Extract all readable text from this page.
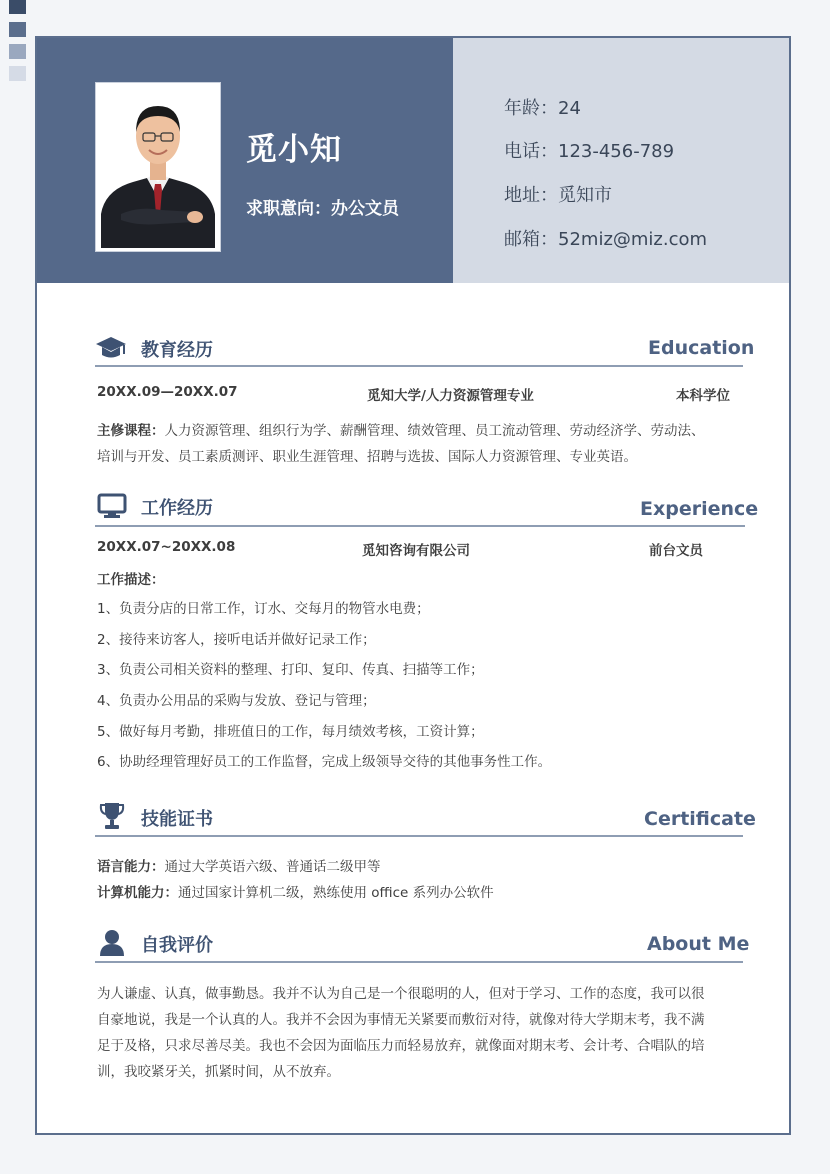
觅小知
求职意向：办公文员
年龄：24
电话：123-456-789
地址：觅知市
邮箱：52miz@miz.com
教育经历	Education
20XX.09—20XX.07	觅知大学/人力资源管理专业	本科学位
主修课程：人力资源管理、组织行为学、薪酬管理、绩效管理、员工流动管理、劳动经济学、劳动法、
培训与开发、员工素质测评、职业生涯管理、招聘与选拔、国际人力资源管理、专业英语。
工作经历	Experience
20XX.07~20XX.08	觅知咨询有限公司	前台文员
工作描述：
1、负责分店的日常工作，订水、交每月的物管水电费；
2、接待来访客人，接听电话并做好记录工作；
3、负责公司相关资料的整理、打印、复印、传真、扫描等工作；
4、负责办公用品的采购与发放、登记与管理；
5、做好每月考勤，排班值日的工作，每月绩效考核，工资计算；
6、协助经理管理好员工的工作监督，完成上级领导交待的其他事务性工作。
技能证书	Certificate
语言能力：通过大学英语六级、普通话二级甲等
计算机能力：通过国家计算机二级，熟练使用 office 系列办公软件
自我评价	About Me
为人谦虚、认真，做事勤恳。我并不认为自己是一个很聪明的人，但对于学习、工作的态度，我可以很
自豪地说，我是一个认真的人。我并不会因为事情无关紧要而敷衍对待，就像对待大学期末考，我不满
足于及格，只求尽善尽美。我也不会因为面临压力而轻易放弃，就像面对期末考、会计考、合唱队的培
训，我咬紧牙关，抓紧时间，从不放弃。
